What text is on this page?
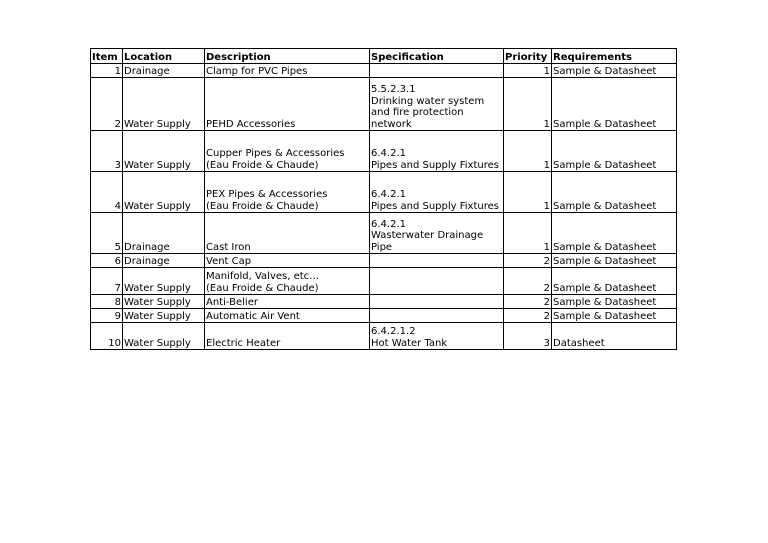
Item	Location	Description	Specification	Priority	Requirements
1	Drainage	Clamp for PVC Pipes		1	Sample & Datasheet
2	Water Supply	PEHD Accessories	5.5.2.3.1
Drinking water system
and fire protection
network	1	Sample & Datasheet
3	Water Supply	Cupper Pipes & Accessories
(Eau Froide & Chaude)	6.4.2.1
Pipes and Supply Fixtures	1	Sample & Datasheet
4	Water Supply	PEX Pipes & Accessories
(Eau Froide & Chaude)	6.4.2.1
Pipes and Supply Fixtures	1	Sample & Datasheet
5	Drainage	Cast Iron	6.4.2.1
Wasterwater Drainage
Pipe	1	Sample & Datasheet
6	Drainage	Vent Cap		2	Sample & Datasheet
7	Water Supply	Manifold, Valves, etc…
(Eau Froide & Chaude)		2	Sample & Datasheet
8	Water Supply	Anti-Belier		2	Sample & Datasheet
9	Water Supply	Automatic Air Vent		2	Sample & Datasheet
10	Water Supply	Electric Heater	6.4.2.1.2
Hot Water Tank	3	Datasheet
